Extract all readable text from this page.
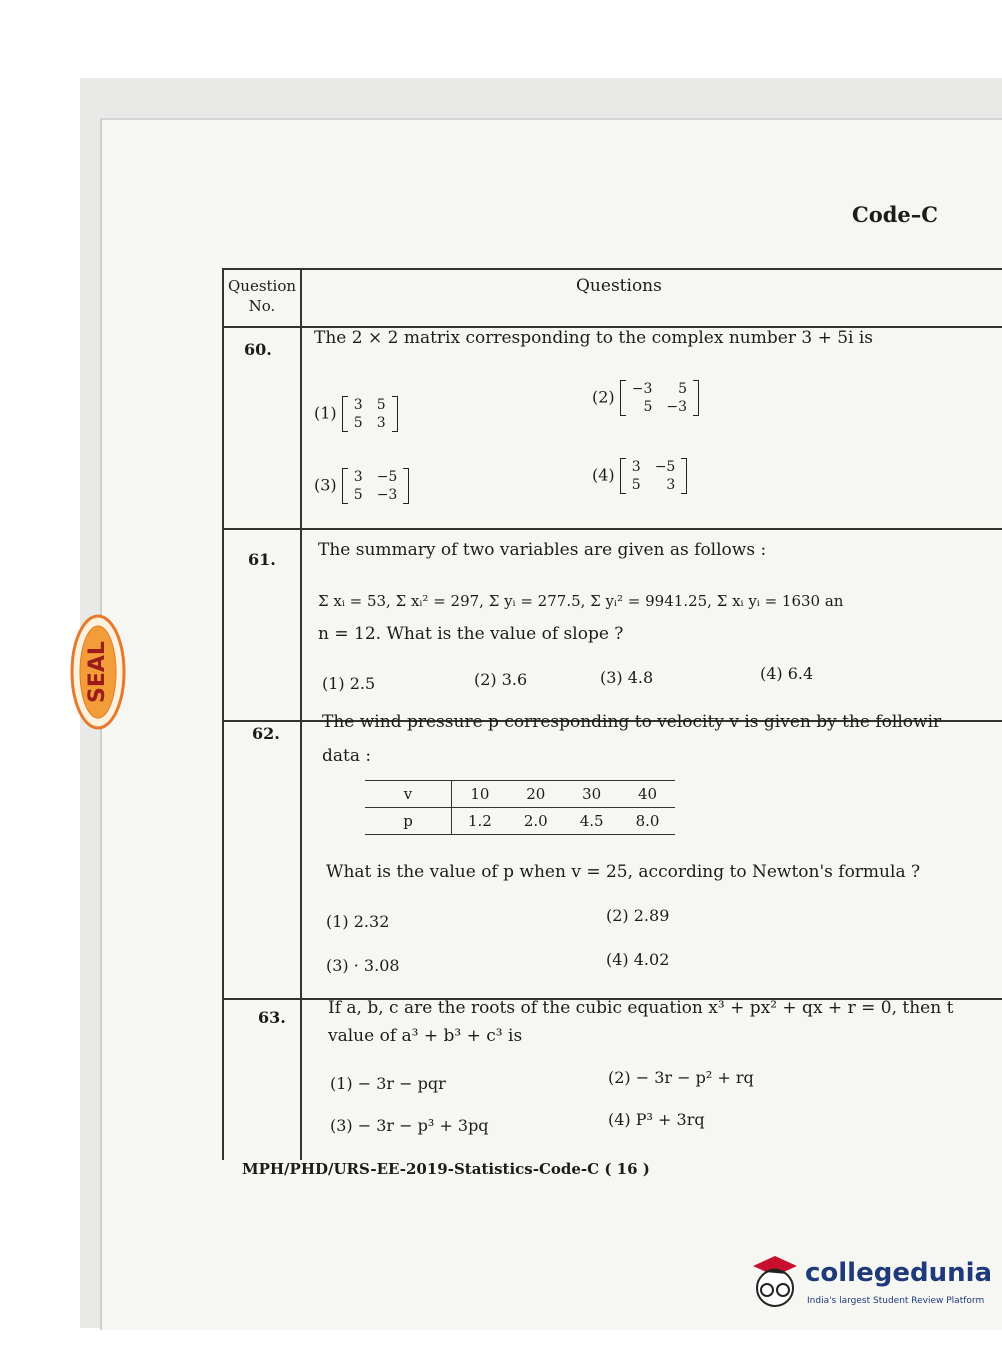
Code–C
Question No.
Questions
60.
The 2 × 2 matrix corresponding to the complex number 3 + 5i is
(1) 3	5
5	3
(2) −3	5
5	−3
(3) 3	−5
5	−3
(4) 3	−5
5	3
61. The summary of two variables are given as follows :
Σ xᵢ = 53, Σ xᵢ² = 297, Σ yᵢ = 277.5, Σ yᵢ² = 9941.25, Σ xᵢ yᵢ = 1630 an
n = 12. What is the value of slope ?
(1) 2.5	(2) 3.6	(3) 4.8	(4) 6.4
62.
The wind pressure p corresponding to velocity v is given by the followir
data :
v	10	20	30	40
p	1.2	2.0	4.5	8.0
What is the value of p when v = 25, according to Newton's formula ?
(1) 2.32	(2) 2.89
(3) · 3.08	(4) 4.02
63. If a, b, c are the roots of the cubic equation x³ + px² + qx + r = 0, then t
value of a³ + b³ + c³ is
(1) − 3r − pqr	(2) − 3r − p² + rq
(3) − 3r − p³ + 3pq	(4) P³ + 3rq
MPH/PHD/URS-EE-2019-Statistics-Code-C ( 16 )
SEAL
collegedunia
India's largest Student Review Platform
